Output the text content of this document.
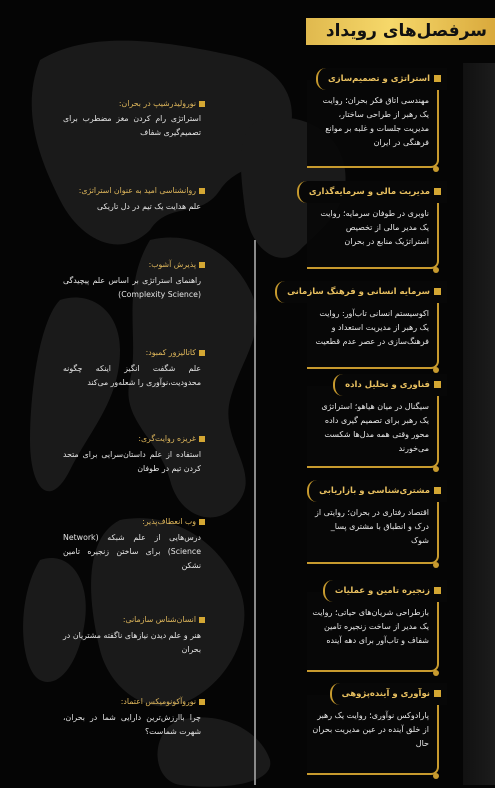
سرفصل‌های رویداد
استراتژی و تصمیم‌سازی
مهندسی اتاق فکر بحران؛ روایت یک رهبر از طراحی ساختار، مدیریت جلسات و غلبه بر موانع فرهنگی در ایران
مدیریت مالی و سرمایه‌گذاری
ناوبری در طوفان سرمایه؛ روایت یک مدیر مالی از تخصیص استراتژیک منابع در بحران
سرمایه انسانی و فرهنگ سازمانی
اکوسیستم انسانی تاب‌آور: روایت یک رهبر از مدیریت استعداد و فرهنگ‌سازی در عصر عدم قطعیت
فناوری و تحلیل داده
سیگنال در میان هیاهو؛ استراتژی یک رهبر برای تصمیم گیری داده محور وقتی همه مدل‌ها شکست می‌خورند
مشتری‌شناسی و بازاریابی
اقتصاد رفتاری در بحران؛ روایتی از درک و انطباق با مشتری پسا_ شوک
زنجیره تامین و عملیات
بازطراحی شریان‌های حیاتی؛ روایت یک مدیر از ساخت زنجیره تامین شفاف و تاب‌آور برای دهه آینده
نوآوری و آینده‌پژوهی
پارادوکس نوآوری؛ روایت یک رهبر از خلق آینده در عین مدیریت بحران حال
نورولیدرشیپ در بحران:
استراتژی رام کردن مغز مضطرب برای تصمیم‌گیری شفاف
روانشناسی امید به عنوان استراتژی:
علم هدایت یک تیم در دل تاریکی
پذیرش آشوب:
راهنمای استراتژی بر اساس علم پیچیدگی (Complexity Science)
کاتالیزور کمبود:
علم شگفت انگیز اینکه چگونه محدودیت،نوآوری را شعله‌ور می‌کند
غریزه روایت‌گری:
استفاده از علم داستان‌سرایی برای متحد کردن تیم در طوفان
وب انعطاف‌پذیر:
درس‌هایی از علم شبکه (Network Science) برای ساختن زنجیره تامین نشکن
انسان‌شناس سازمانی:
هنر و علم دیدن نیازهای ناگفته مشتریان در بحران
نوروآکونومیکس اعتماد:
چرا باارزش‌ترین دارایی شما در بحران، شهرت شماست؟
